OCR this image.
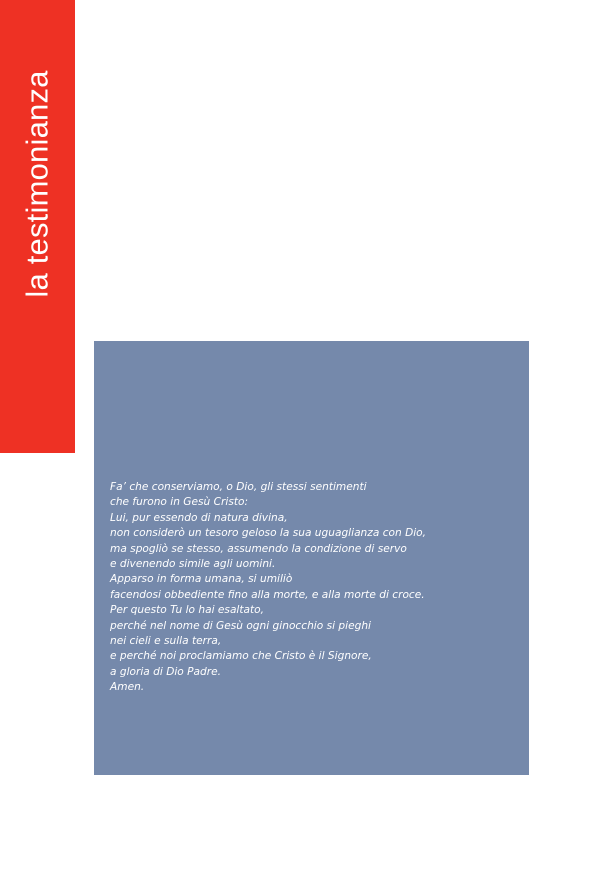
la testimonianza

Fa’ che conserviamo, o Dio, gli stessi sentimenti
che furono in Gesù Cristo:
Lui, pur essendo di natura divina,
non considerò un tesoro geloso la sua uguaglianza con Dio,
ma spogliò se stesso, assumendo la condizione di servo
e divenendo simile agli uomini.
Apparso in forma umana, si umiliò
facendosi obbediente fino alla morte, e alla morte di croce.
Per questo Tu lo hai esaltato,
perché nel nome di Gesù ogni ginocchio si pieghi
nei cieli e sulla terra,
e perché noi proclamiamo che Cristo è il Signore,
a gloria di Dio Padre.
Amen.
